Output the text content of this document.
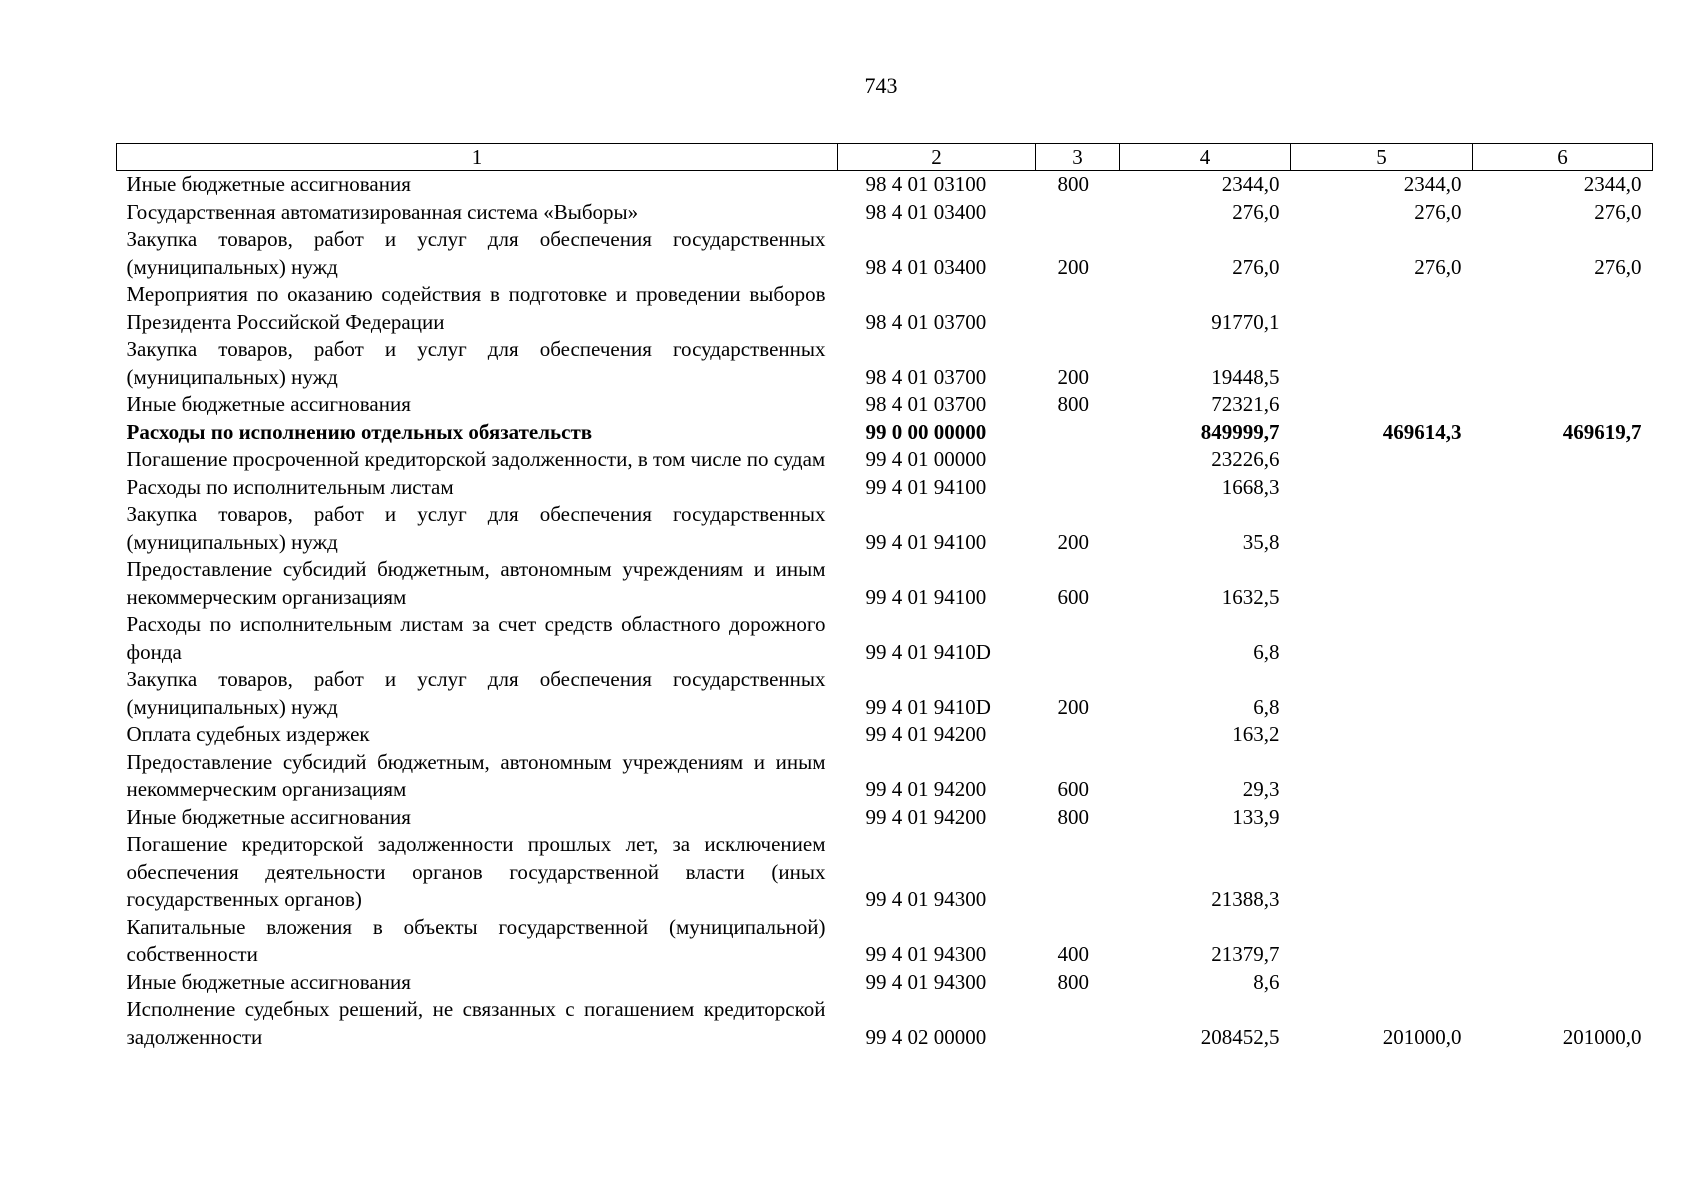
743
1	2	3	4	5	6
Иные бюджетные ассигнования	98 4 01 03100	800	2344,0	2344,0	2344,0
Государственная автоматизированная система «Выборы»	98 4 01 03400		276,0	276,0	276,0
Закупка товаров, работ и услуг для обеспечения государственных (муниципальных) нужд	98 4 01 03400	200	276,0	276,0	276,0
Мероприятия по оказанию содействия в подготовке и проведении выборов Президента Российской Федерации	98 4 01 03700		91770,1		
Закупка товаров, работ и услуг для обеспечения государственных (муниципальных) нужд	98 4 01 03700	200	19448,5		
Иные бюджетные ассигнования	98 4 01 03700	800	72321,6		
Расходы по исполнению отдельных обязательств	99 0 00 00000		849999,7	469614,3	469619,7
Погашение просроченной кредиторской задолженности, в том числе по судам	99 4 01 00000		23226,6		
Расходы по исполнительным листам	99 4 01 94100		1668,3		
Закупка товаров, работ и услуг для обеспечения государственных (муниципальных) нужд	99 4 01 94100	200	35,8		
Предоставление субсидий бюджетным, автономным учреждениям и иным некоммерческим организациям	99 4 01 94100	600	1632,5		
Расходы по исполнительным листам за счет средств областного дорожного фонда	99 4 01 9410D		6,8		
Закупка товаров, работ и услуг для обеспечения государственных (муниципальных) нужд	99 4 01 9410D	200	6,8		
Оплата судебных издержек	99 4 01 94200		163,2		
Предоставление субсидий бюджетным, автономным учреждениям и иным некоммерческим организациям	99 4 01 94200	600	29,3		
Иные бюджетные ассигнования	99 4 01 94200	800	133,9		
Погашение кредиторской задолженности прошлых лет, за исключением обеспечения деятельности органов государственной власти (иных государственных органов)	99 4 01 94300		21388,3		
Капитальные вложения в объекты государственной (муниципальной) собственности	99 4 01 94300	400	21379,7		
Иные бюджетные ассигнования	99 4 01 94300	800	8,6		
Исполнение судебных решений, не связанных с погашением кредиторской задолженности	99 4 02 00000		208452,5	201000,0	201000,0
